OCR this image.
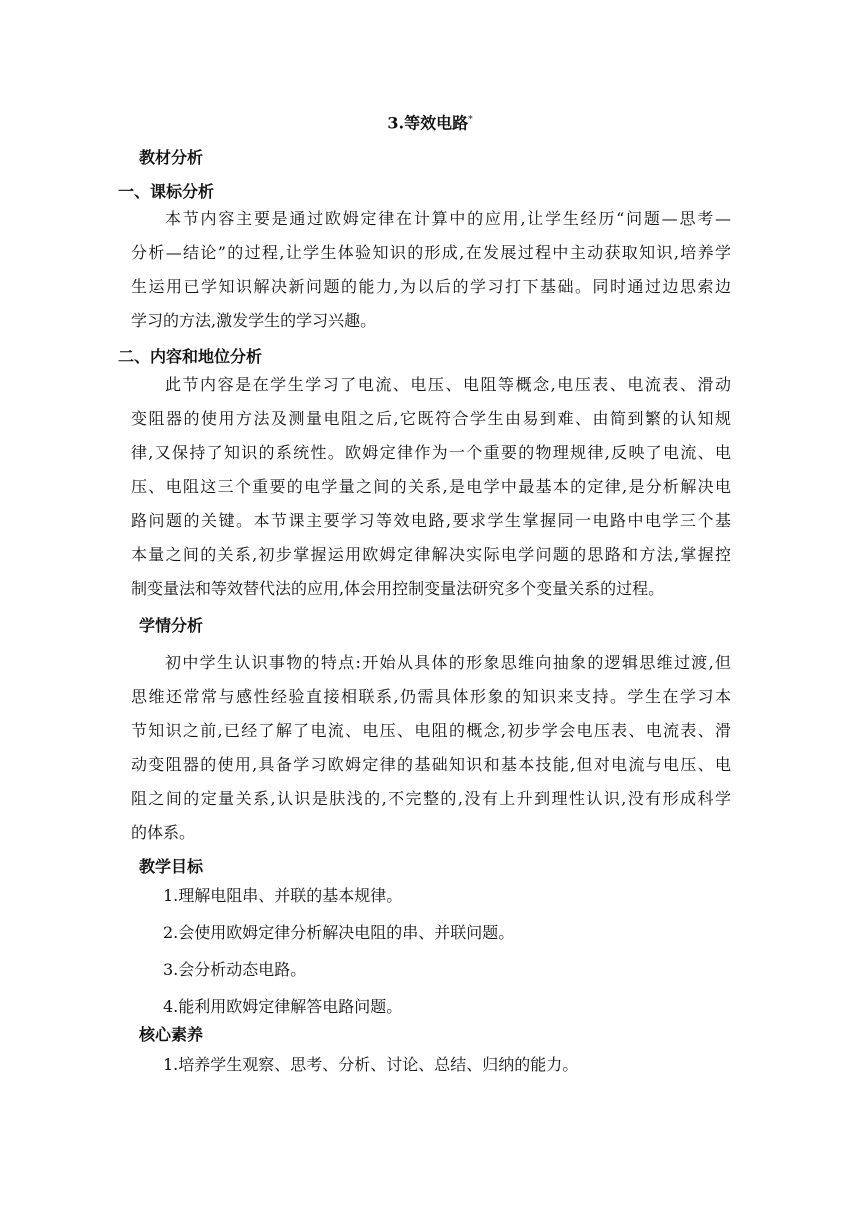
3.等效电路*
教材分析
一、课标分析
本节内容主要是通过欧姆定律在计算中的应用,让学生经历“问题—思考—
分析—结论”的过程,让学生体验知识的形成,在发展过程中主动获取知识,培养学
生运用已学知识解决新问题的能力,为以后的学习打下基础。同时通过边思索边
学习的方法,激发学生的学习兴趣。
二、内容和地位分析
此节内容是在学生学习了电流、电压、电阻等概念,电压表、电流表、滑动
变阻器的使用方法及测量电阻之后,它既符合学生由易到难、由简到繁的认知规
律,又保持了知识的系统性。欧姆定律作为一个重要的物理规律,反映了电流、电
压、电阻这三个重要的电学量之间的关系,是电学中最基本的定律,是分析解决电
路问题的关键。本节课主要学习等效电路,要求学生掌握同一电路中电学三个基
本量之间的关系,初步掌握运用欧姆定律解决实际电学问题的思路和方法,掌握控
制变量法和等效替代法的应用,体会用控制变量法研究多个变量关系的过程。
学情分析
初中学生认识事物的特点:开始从具体的形象思维向抽象的逻辑思维过渡,但
思维还常常与感性经验直接相联系,仍需具体形象的知识来支持。学生在学习本
节知识之前,已经了解了电流、电压、电阻的概念,初步学会电压表、电流表、滑
动变阻器的使用,具备学习欧姆定律的基础知识和基本技能,但对电流与电压、电
阻之间的定量关系,认识是肤浅的,不完整的,没有上升到理性认识,没有形成科学
的体系。
教学目标
1.理解电阻串、并联的基本规律。
2.会使用欧姆定律分析解决电阻的串、并联问题。
3.会分析动态电路。
4.能利用欧姆定律解答电路问题。
核心素养
1.培养学生观察、思考、分析、讨论、总结、归纳的能力。
